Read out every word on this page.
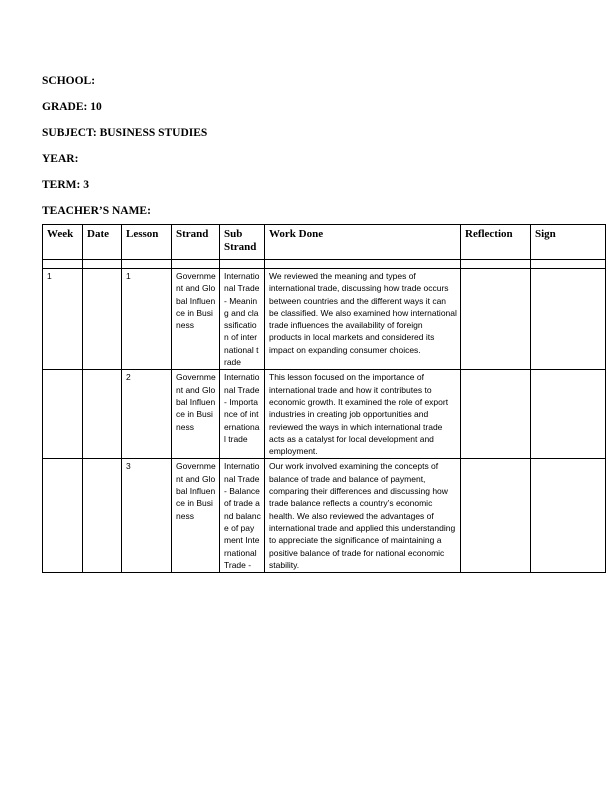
SCHOOL:
GRADE: 10
SUBJECT: BUSINESS STUDIES
YEAR:
TERM: 3
TEACHER’S NAME:
Week	Date	Lesson	Strand	Sub Strand	Work Done	Reflection	Sign

1		1	Government and Global Influence in Business	International Trade - Meaning and classification of international trade	We reviewed the meaning and types of international trade, discussing how trade occurs between countries and the different ways it can be classified. We also examined how international trade influences the availability of foreign products in local markets and considered its impact on expanding consumer choices.		
		2	Government and Global Influence in Business	International Trade - Importance of international trade	This lesson focused on the importance of international trade and how it contributes to economic growth. It examined the role of export industries in creating job opportunities and reviewed the ways in which international trade acts as a catalyst for local development and employment.		
		3	Government and Global Influence in Business	International Trade - Balance of trade and balance of payment International Trade -	Our work involved examining the concepts of balance of trade and balance of payment, comparing their differences and discussing how trade balance reflects a country’s economic health. We also reviewed the advantages of international trade and applied this understanding to appreciate the significance of maintaining a positive balance of trade for national economic stability.		
